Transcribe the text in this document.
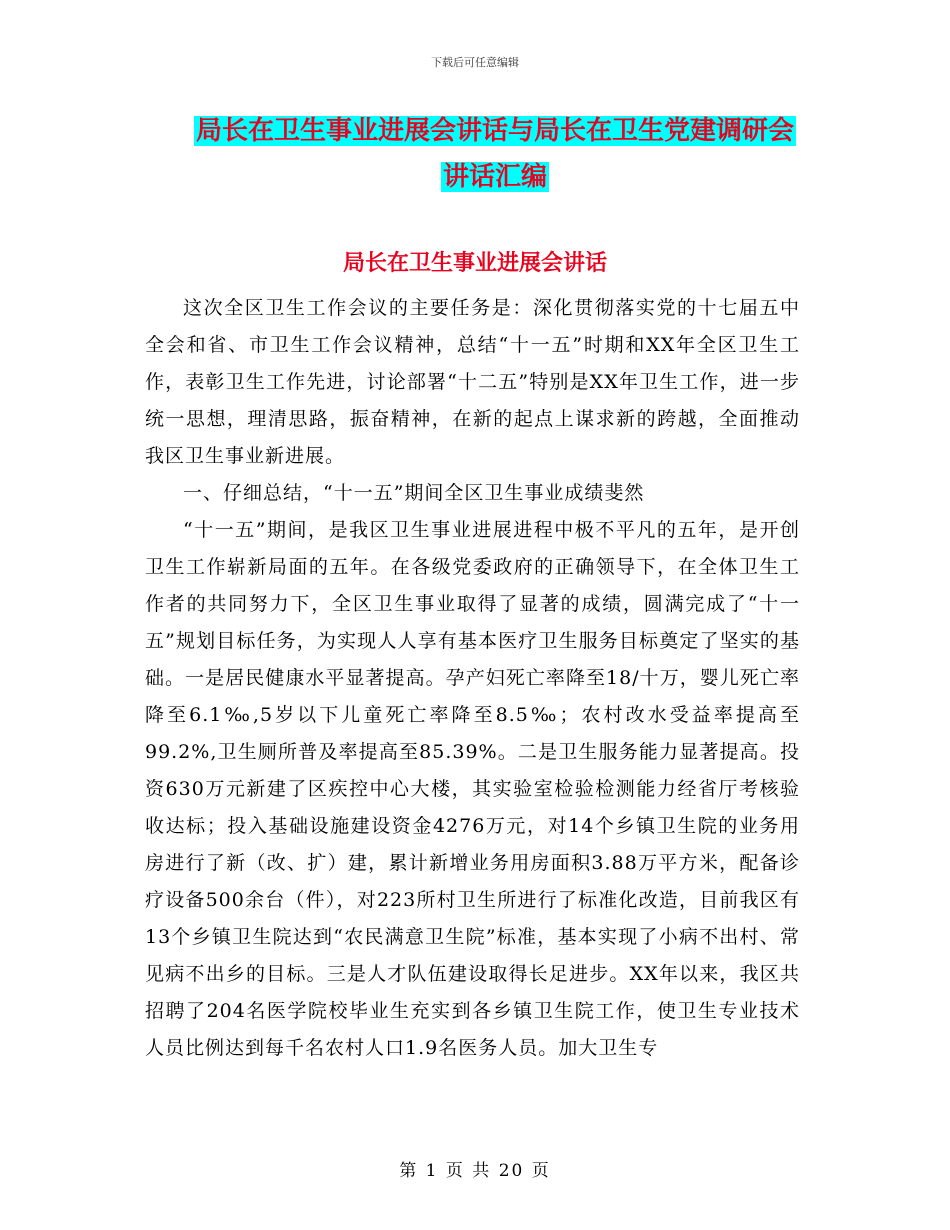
下载后可任意编辑
局长在卫生事业进展会讲话与局长在卫生党建调研会
讲话汇编
局长在卫生事业进展会讲话

这次全区卫生工作会议的主要任务是：深化贯彻落实党的十七届五中全会和省、市卫生工作会议精神，总结“十一五”时期和XX年全区卫生工作，表彰卫生工作先进，讨论部署“十二五”特别是XX年卫生工作，进一步统一思想，理清思路，振奋精神，在新的起点上谋求新的跨越，全面推动我区卫生事业新进展。

一、仔细总结，“十一五”期间全区卫生事业成绩斐然

“十一五”期间，是我区卫生事业进展进程中极不平凡的五年，是开创卫生工作崭新局面的五年。在各级党委政府的正确领导下，在全体卫生工作者的共同努力下，全区卫生事业取得了显著的成绩，圆满完成了“十一五”规划目标任务，为实现人人享有基本医疗卫生服务目标奠定了坚实的基础。一是居民健康水平显著提高。孕产妇死亡率降至18/十万，婴儿死亡率降至6.1‰,5岁以下儿童死亡率降至8.5‰；农村改水受益率提高至99.2%,卫生厕所普及率提高至85.39%。二是卫生服务能力显著提高。投资630万元新建了区疾控中心大楼，其实验室检验检测能力经省厅考核验收达标；投入基础设施建设资金4276万元，对14个乡镇卫生院的业务用房进行了新（改、扩）建，累计新增业务用房面积3.88万平方米，配备诊疗设备500余台（件），对223所村卫生所进行了标准化改造，目前我区有13个乡镇卫生院达到“农民满意卫生院”标准，基本实现了小病不出村、常见病不出乡的目标。三是人才队伍建设取得长足进步。XX年以来，我区共招聘了204名医学院校毕业生充实到各乡镇卫生院工作，使卫生专业技术人员比例达到每千名农村人口1.9名医务人员。加大卫生专

第 1 页 共 20 页
